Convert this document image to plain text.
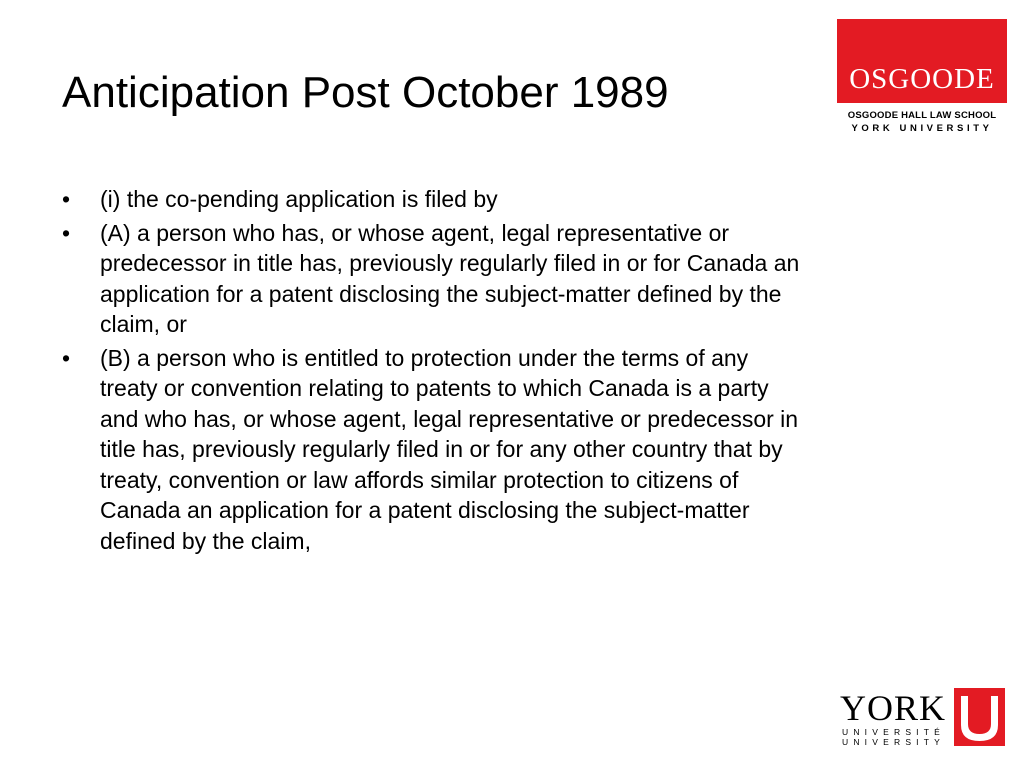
Anticipation Post October 1989	OSGOODE
OSGOODE HALL LAW SCHOOL
YORK UNIVERSITY
• (i) the co-pending application is filed by
• (A) a person who has, or whose agent, legal representative or predecessor in title has, previously regularly filed in or for Canada an application for a patent disclosing the subject-matter defined by the claim, or
• (B) a person who is entitled to protection under the terms of any treaty or convention relating to patents to which Canada is a party and who has, or whose agent, legal representative or predecessor in title has, previously regularly filed in or for any other country that by treaty, convention or law affords similar protection to citizens of Canada an application for a patent disclosing the subject-matter defined by the claim,
YORK
UNIVERSITÉ
UNIVERSITY
